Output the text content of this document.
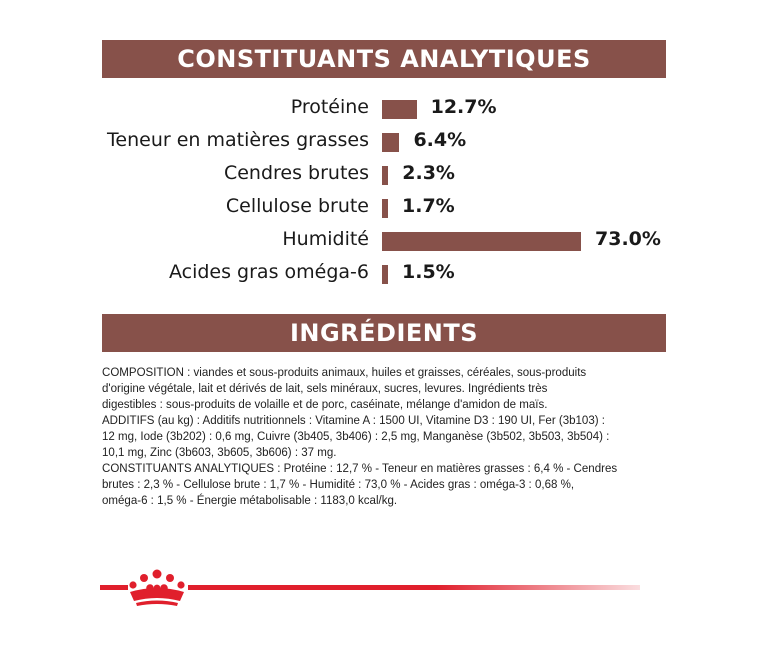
CONSTITUANTS ANALYTIQUES
Protéine	12.7%
Teneur en matières grasses 6.4%
Cendres brutes 2.3%
Cellulose brute 1.7%
Humidité	73.0%
Acides gras oméga-6 1.5%
INGRÉDIENTS

COMPOSITION : viandes et sous-produits animaux, huiles et graisses, céréales, sous-produits

d'origine végétale, lait et dérivés de lait, sels minéraux, sucres, levures. Ingrédients très

digestibles : sous-produits de volaille et de porc, caséinate, mélange d'amidon de maïs.

ADDITIFS (au kg) : Additifs nutritionnels : Vitamine A : 1500 UI, Vitamine D3 : 190 UI, Fer (3b103) :

12 mg, Iode (3b202) : 0,6 mg, Cuivre (3b405, 3b406) : 2,5 mg, Manganèse (3b502, 3b503, 3b504) :

10,1 mg, Zinc (3b603, 3b605, 3b606) : 37 mg.

CONSTITUANTS ANALYTIQUES : Protéine : 12,7 % - Teneur en matières grasses : 6,4 % - Cendres

brutes : 2,3 % - Cellulose brute : 1,7 % - Humidité : 73,0 % - Acides gras : oméga-3 : 0,68 %,

oméga-6 : 1,5 % - Énergie métabolisable : 1183,0 kcal/kg.
